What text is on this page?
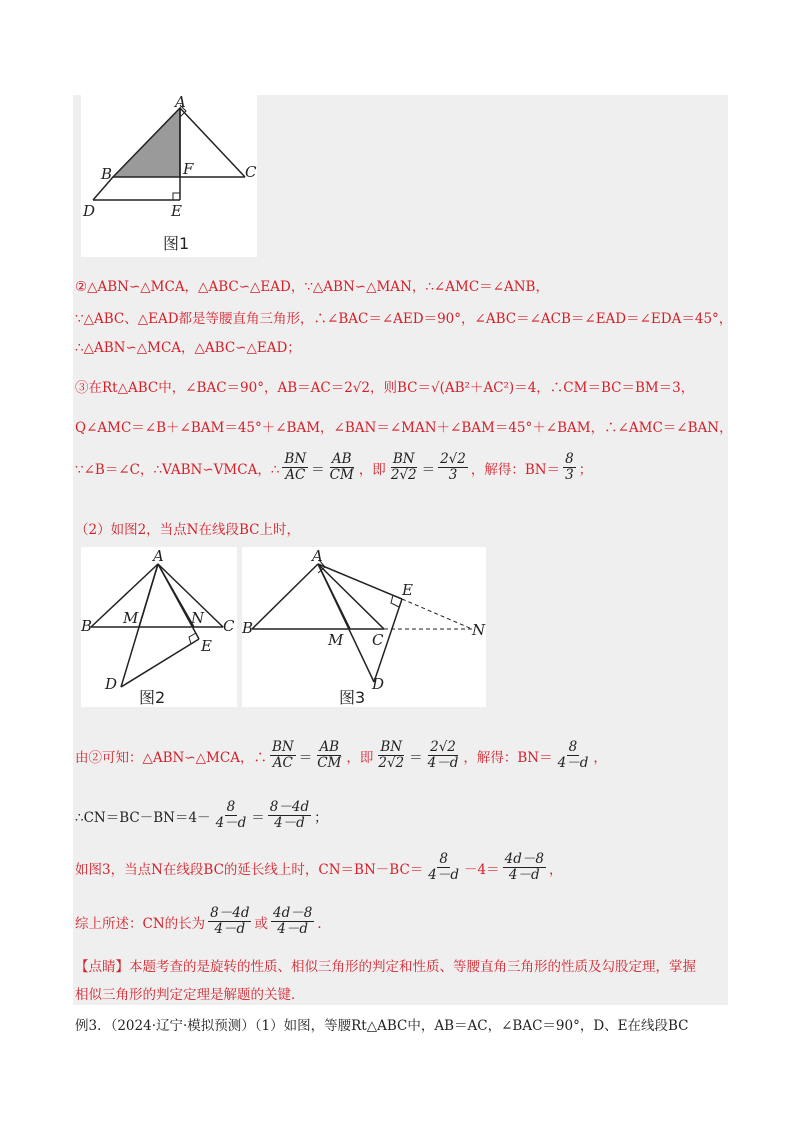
A
B	F	C
D	E
图1
②△ABN∽△MCA，△ABC∽△EAD，∵△ABN∽△MAN，∴∠AMC＝∠ANB，
∵△ABC、△EAD都是等腰直角三角形，∴∠BAC＝∠AED＝90°，∠ABC＝∠ACB＝∠EAD＝∠EDA＝45°，
∴△ABN∽△MCA，△ABC∽△EAD；
③在Rt△ABC中，∠BAC＝90°，AB＝AC＝2√2，则BC＝√(AB²＋AC²)＝4，∴CM＝BC＝BM＝3，
Q∠AMC＝∠B＋∠BAM＝45°＋∠BAM，∠BAN＝∠MAN＋∠BAM＝45°＋∠BAM，∴∠AMC＝∠BAN，
∵∠B＝∠C，∴VABN∽VMCA，∴ $\frac{BN}{AC} = \frac{AB}{CM}$ ，即 $\frac{BN}{2√2} = \frac{2√2}{3}$ ，解得：$BN= \frac{8}{3}$ ；
（2）如图2，当点N在线段BC上时，
A
B M	N C
E
D
图2
A
E
B
M C
N
D
图3
由②可知：△ABN∽△MCA，∴ $\frac{BN}{AC} = \frac{AB}{CM}$ ，即 $\frac{BN}{2√2} = \frac{2√2}{4-d}$ ，解得：$BN= \frac{8}{4-d}$ ，
∴CN＝BC－BN＝4－ $\frac{8}{4-d} = \frac{8-4d}{4-d}$ ；
如图3，当点N在线段BC的延长线上时，$CN=BN-BC= \frac{8}{4-d} -4= \frac{4d-8}{4-d}$ ，
综上所述：CN的长为 $\frac{8-4d}{4-d}$ 或 $\frac{4d-8}{4-d}$ ．
【点睛】本题考查的是旋转的性质、相似三角形的判定和性质、等腰直角三角形的性质及勾股定理，掌握
相似三角形的判定定理是解题的关键．
例3．（2024·辽宁·模拟预测）（1）如图，等腰Rt△ABC中，AB＝AC，∠BAC＝90°，D、E在线段BC
